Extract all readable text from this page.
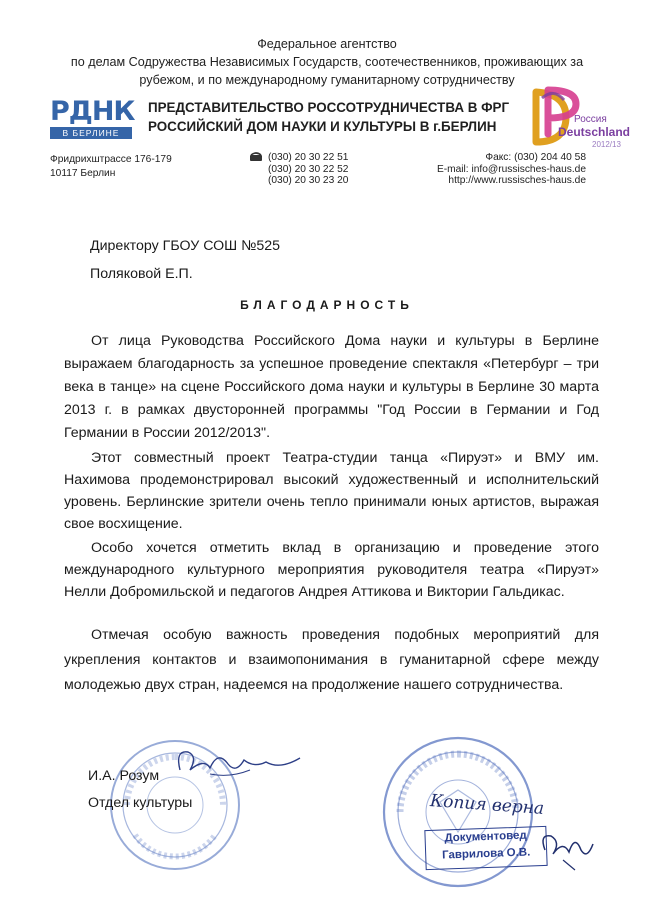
Федеральное агентство
по делам Содружества Независимых Государств, соотечественников, проживающих за
рубежом, и по международному гуманитарному сотрудничеству
РДНК
В БЕРЛИНЕ
ПРЕДСТАВИТЕЛЬСТВО РОССОТРУДНИЧЕСТВА В ФРГ
РОССИЙСКИЙ ДОМ НАУКИ И КУЛЬТУРЫ В г.БЕРЛИН	Россия
Deutschland
2012/13
Фридрихштрассе 176-179
10117 Берлин
(030) 20 30 22 51
(030) 20 30 22 52
(030) 20 30 23 20
Факс: (030) 204 40 58
E-mail: info@russisches-haus.de
http://www.russisches-haus.de
Директору ГБОУ СОШ №525
Поляковой Е.П.
БЛАГОДАРНОСТЬ

От лица Руководства Российского Дома науки и культуры в Берлине выражаем благодарность за успешное проведение спектакля «Петербург – три века в танце» на сцене Российского дома науки и культуры в Берлине 30 марта 2013 г. в рамках двусторонней программы "Год России в Германии и Год Германии в России 2012/2013".

Этот совместный проект Театра-студии танца «Пируэт» и ВМУ им. Нахимова продемонстрировал высокий художественный и исполнительский уровень. Берлинские зрители очень тепло принимали юных артистов, выражая свое восхищение.

Особо хочется отметить вклад в организацию и проведение этого международного культурного мероприятия руководителя театра «Пируэт» Нелли Добромильской и педагогов Андрея Аттикова и Виктории Гальдикас.

Отмечая особую важность проведения подобных мероприятий для укрепления контактов и взаимопонимания в гуманитарной сфере между молодежью двух стран, надеемся на продолжение нашего сотрудничества.

И.А. Розум
Отдел культуры	Копия верна
Документовед
Гаврилова О.В.
